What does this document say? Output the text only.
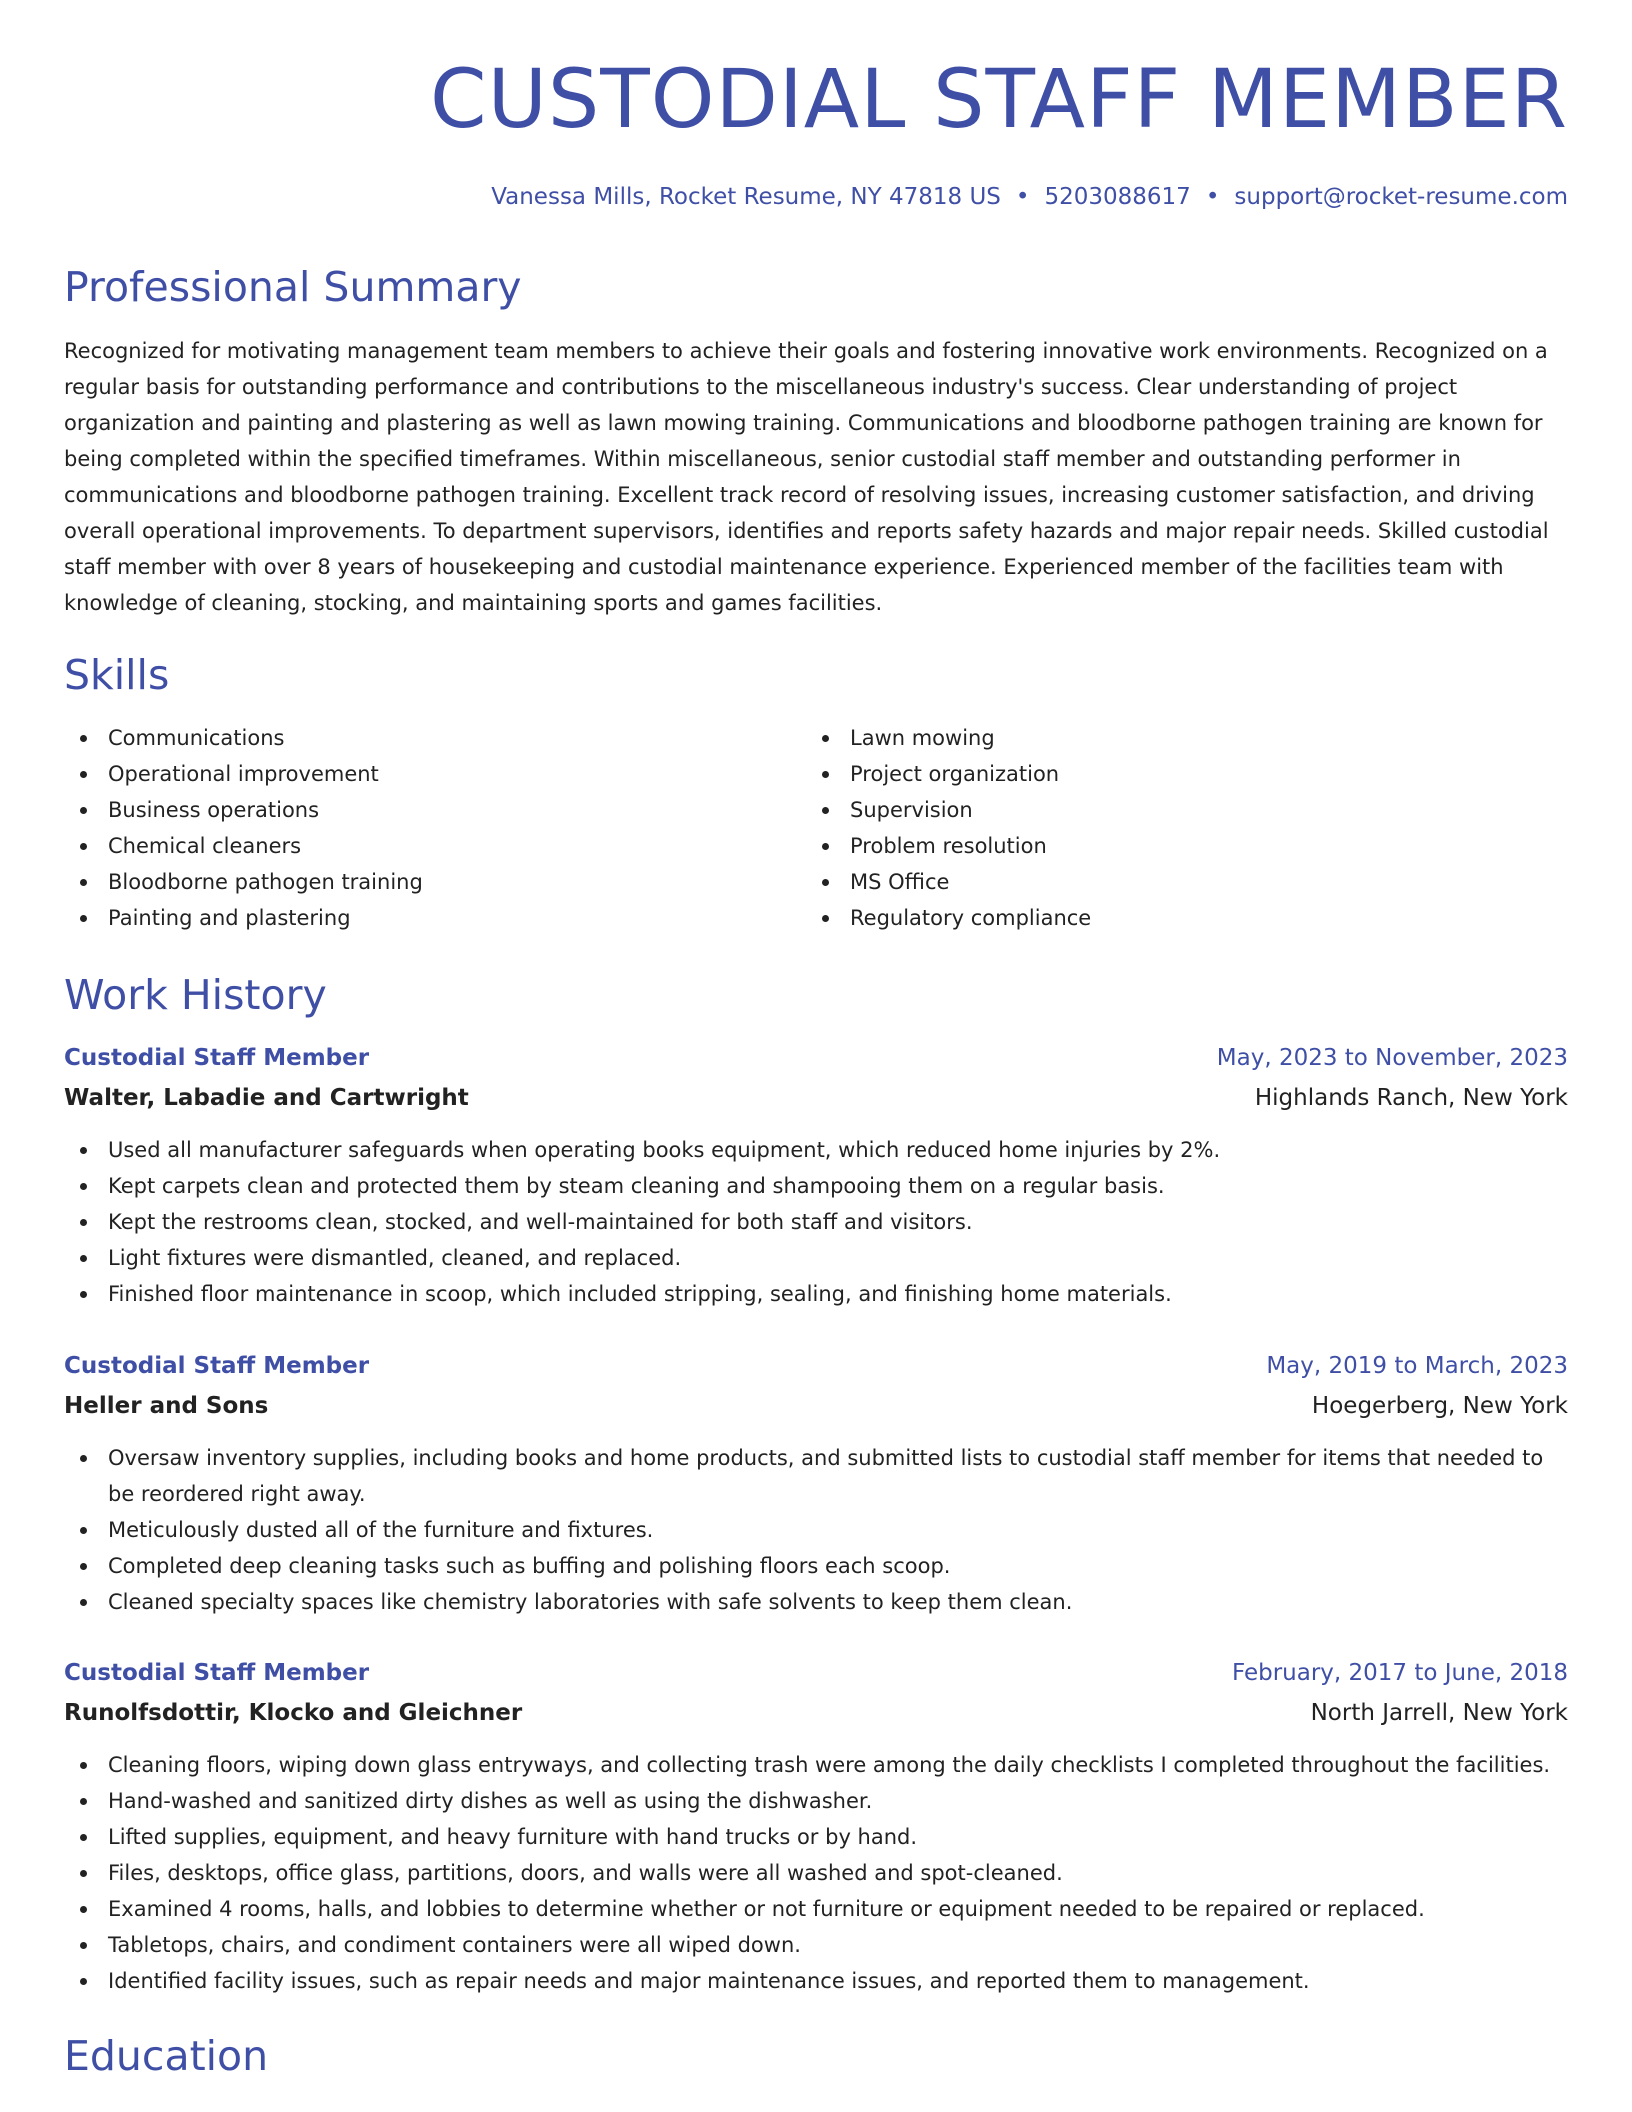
CUSTODIAL STAFF MEMBER
Vanessa Mills, Rocket Resume, NY 47818 US • 5203088617 • support@rocket-resume.com
Professional Summary

Recognized for motivating management team members to achieve their goals and fostering innovative work environments. Recognized on a regular basis for outstanding performance and contributions to the miscellaneous industry's success. Clear understanding of project organization and painting and plastering as well as lawn mowing training. Communications and bloodborne pathogen training are known for being completed within the specified timeframes. Within miscellaneous, senior custodial staff member and outstanding performer in communications and bloodborne pathogen training. Excellent track record of resolving issues, increasing customer satisfaction, and driving overall operational improvements. To department supervisors, identifies and reports safety hazards and major repair needs. Skilled custodial staff member with over 8 years of housekeeping and custodial maintenance experience. Experienced member of the facilities team with knowledge of cleaning, stocking, and maintaining sports and games facilities.

Skills
Communications
Operational improvement
Business operations
Chemical cleaners
Bloodborne pathogen training
Painting and plastering
Lawn mowing
Project organization
Supervision
Problem resolution
MS Office
Regulatory compliance
Work History
Custodial Staff Member	May, 2023 to November, 2023
Walter, Labadie and Cartwright	Highlands Ranch, New York
Used all manufacturer safeguards when operating books equipment, which reduced home injuries by 2%.
Kept carpets clean and protected them by steam cleaning and shampooing them on a regular basis.
Kept the restrooms clean, stocked, and well-maintained for both staff and visitors.
Light fixtures were dismantled, cleaned, and replaced.
Finished floor maintenance in scoop, which included stripping, sealing, and finishing home materials.
Custodial Staff Member	May, 2019 to March, 2023
Heller and Sons	Hoegerberg, New York
Oversaw inventory supplies, including books and home products, and submitted lists to custodial staff member for items that needed to be reordered right away.
Meticulously dusted all of the furniture and fixtures.
Completed deep cleaning tasks such as buffing and polishing floors each scoop.
Cleaned specialty spaces like chemistry laboratories with safe solvents to keep them clean.
Custodial Staff Member	February, 2017 to June, 2018
Runolfsdottir, Klocko and Gleichner	North Jarrell, New York
Cleaning floors, wiping down glass entryways, and collecting trash were among the daily checklists I completed throughout the facilities.
Hand-washed and sanitized dirty dishes as well as using the dishwasher.
Lifted supplies, equipment, and heavy furniture with hand trucks or by hand.
Files, desktops, office glass, partitions, doors, and walls were all washed and spot-cleaned.
Examined 4 rooms, halls, and lobbies to determine whether or not furniture or equipment needed to be repaired or replaced.
Tabletops, chairs, and condiment containers were all wiped down.
Identified facility issues, such as repair needs and major maintenance issues, and reported them to management.
Education
